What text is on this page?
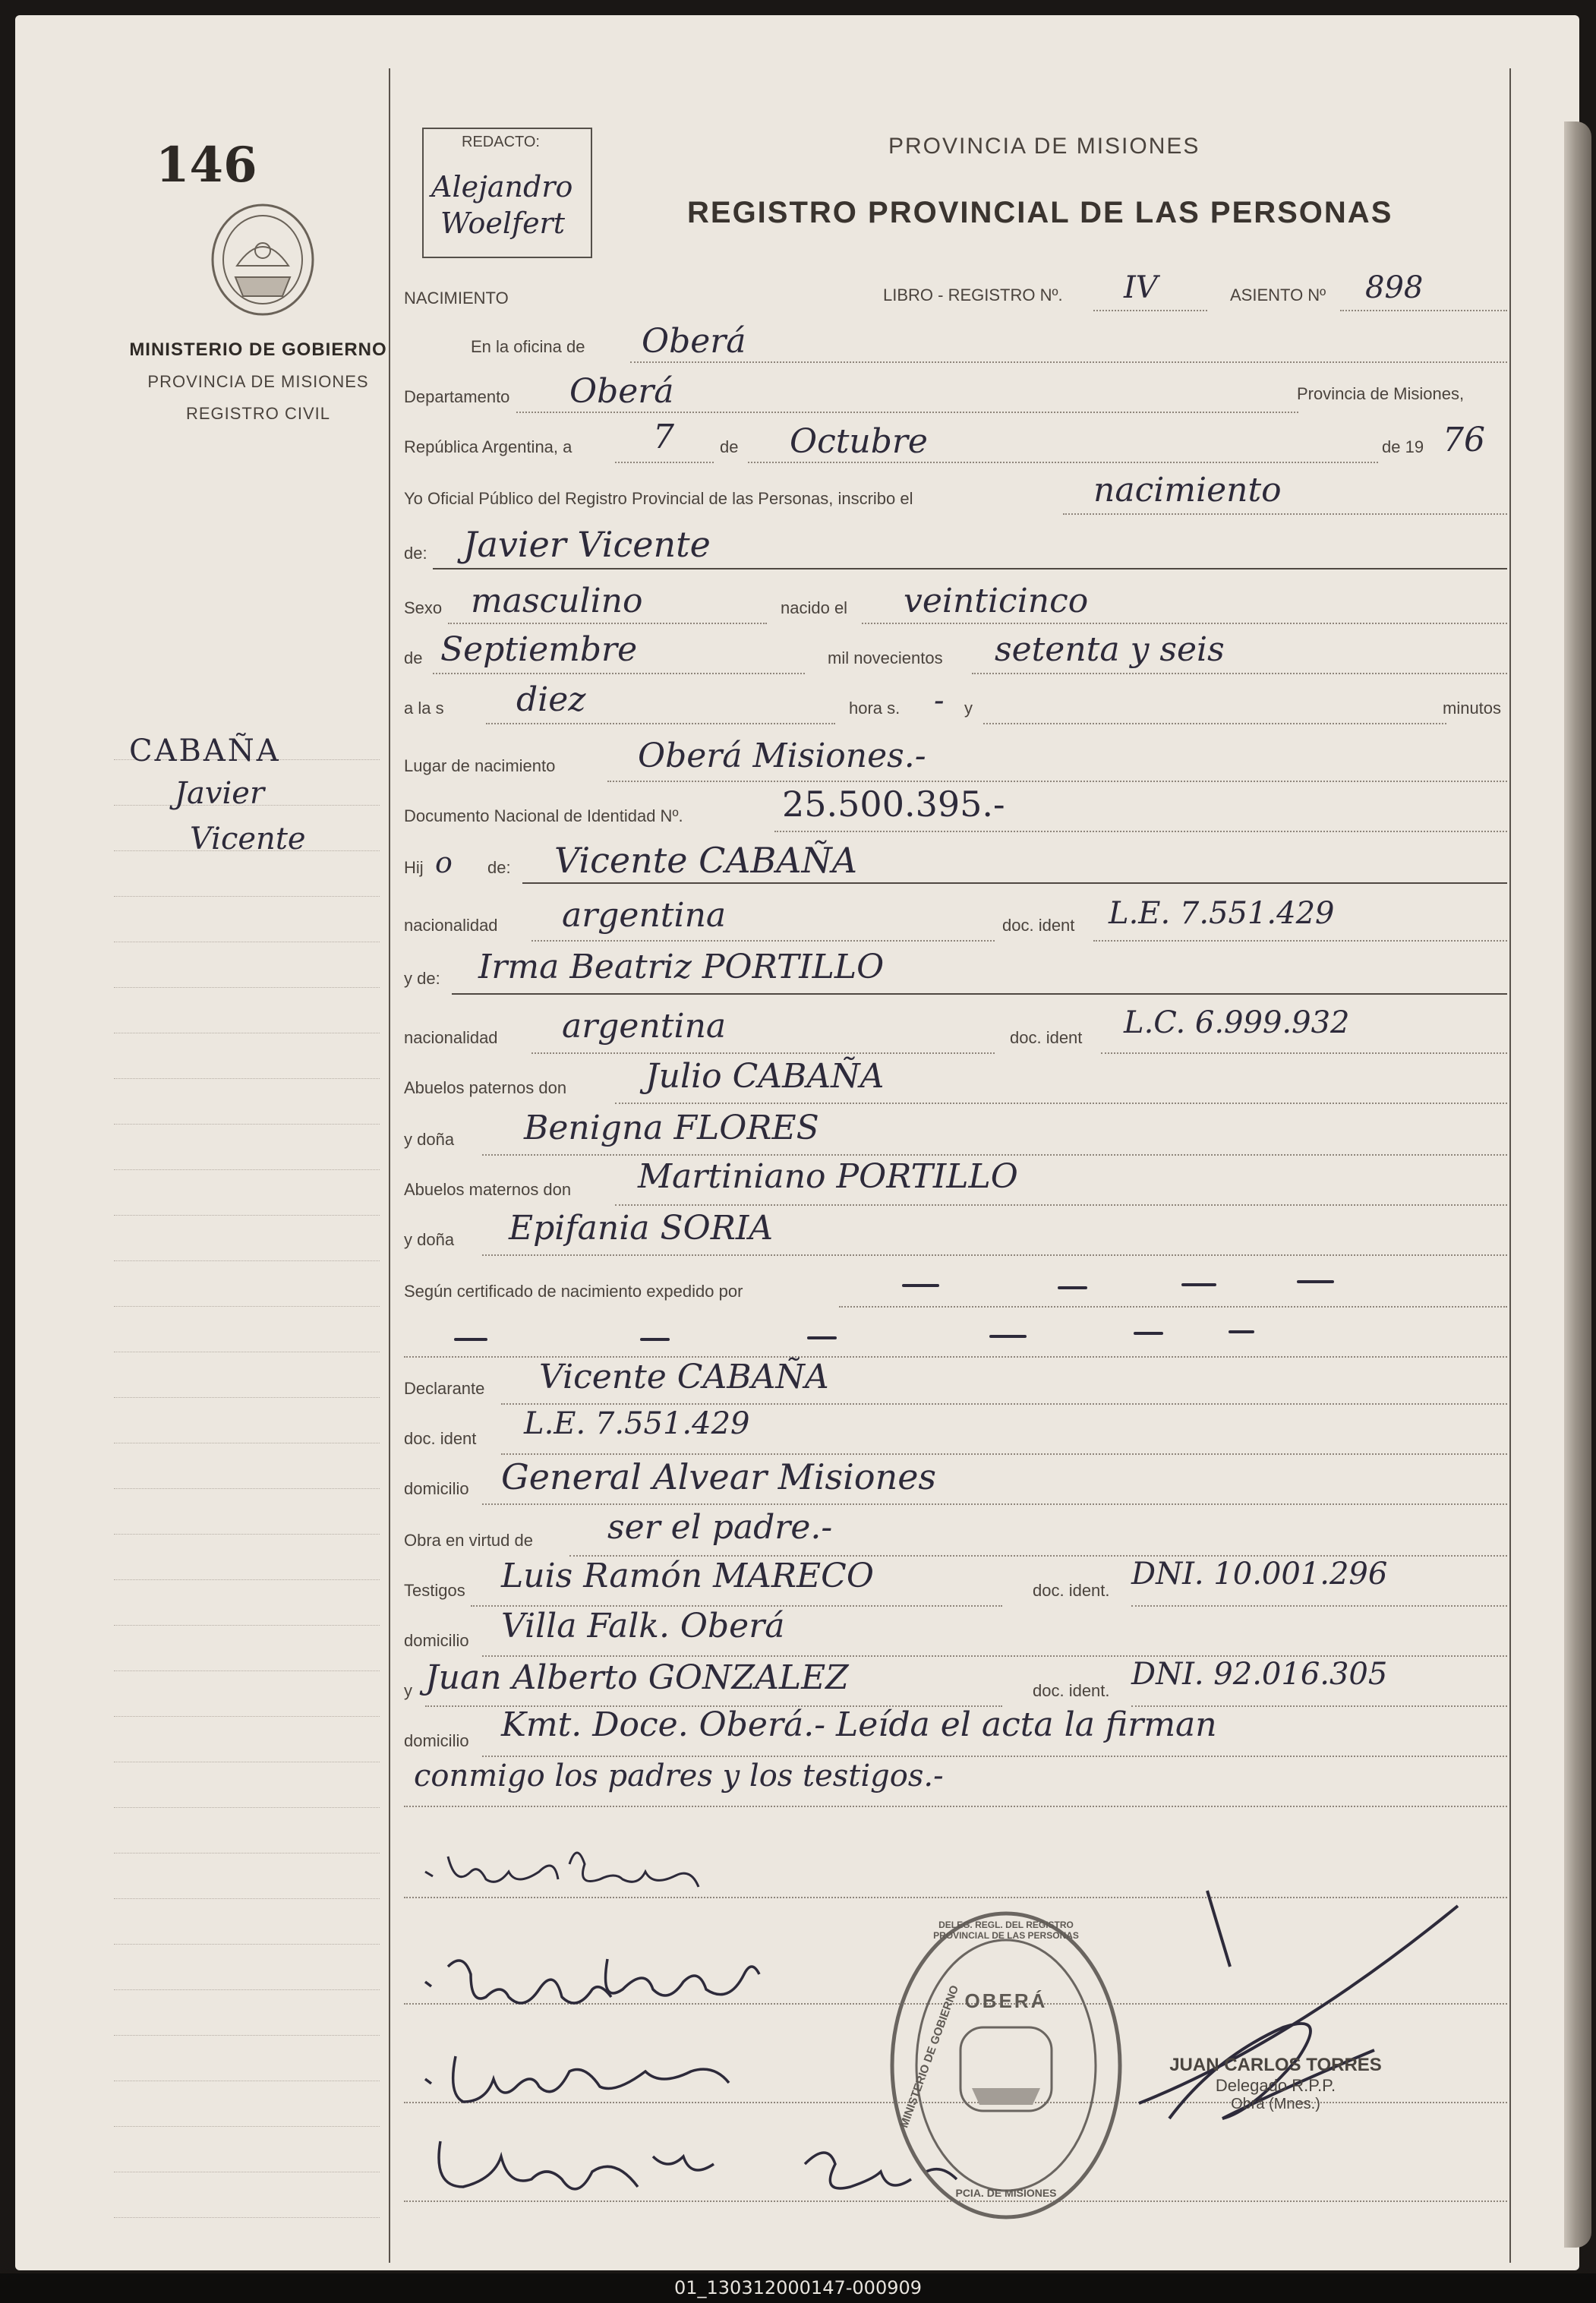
146
MINISTERIO DE GOBIERNO
PROVINCIA DE MISIONES
REGISTRO CIVIL
REDACTO:
Alejandro
Woelfert
PROVINCIA DE MISIONES
REGISTRO PROVINCIAL DE LAS PERSONAS
CABAÑA
Javier
Vicente
NACIMIENTO	LIBRO - REGISTRO Nº. IV	ASIENTO Nº 898
En la oficina de Oberá
Departamento Oberá	Provincia de Misiones,
República Argentina, a 7	de Octubre	de 19 76
Yo Oficial Público del Registro Provincial de las Personas, inscribo el	nacimiento
de: Javier Vicente
Sexo masculino	nacido el veinticinco
de Septiembre	mil novecientos setenta y seis
a la s diez	hora s. - y	minutos
Lugar de nacimiento Oberá Misiones.-
Documento Nacional de Identidad Nº.	25.500.395.-
Hij o de: Vicente CABAÑA
nacionalidad argentina	doc. ident L.E. 7.551.429
y de: Irma Beatriz PORTILLO
nacionalidad argentina	doc. ident L.C. 6.999.932
Abuelos paternos don Julio CABAÑA
y doña Benigna FLORES
Abuelos maternos don Martiniano PORTILLO
y doña Epifania SORIA
Según certificado de nacimiento expedido por
Declarante Vicente CABAÑA
doc. ident L.E. 7.551.429
domicilio General Alvear Misiones
Obra en virtud de ser el padre.-
Testigos Luis Ramón MARECO	doc. ident. DNI. 10.001.296
domicilio Villa Falk. Oberá
y Juan Alberto GONZALEZ	doc. ident. DNI. 92.016.305
domicilio Kmt. Doce. Oberá.- Leída el acta la firman
conmigo los padres y los testigos.-
OBERÁ
DELEG. REGL. DEL REGISTRO PROVINCIAL DE LAS PERSONAS
MINISTERIO DE GOBIERNO
PCIA. DE MISIONES
JUAN CARLOS TORRES
Delegado R.P.P.
Obrá (Mnes.)
01_130312000147-000909
